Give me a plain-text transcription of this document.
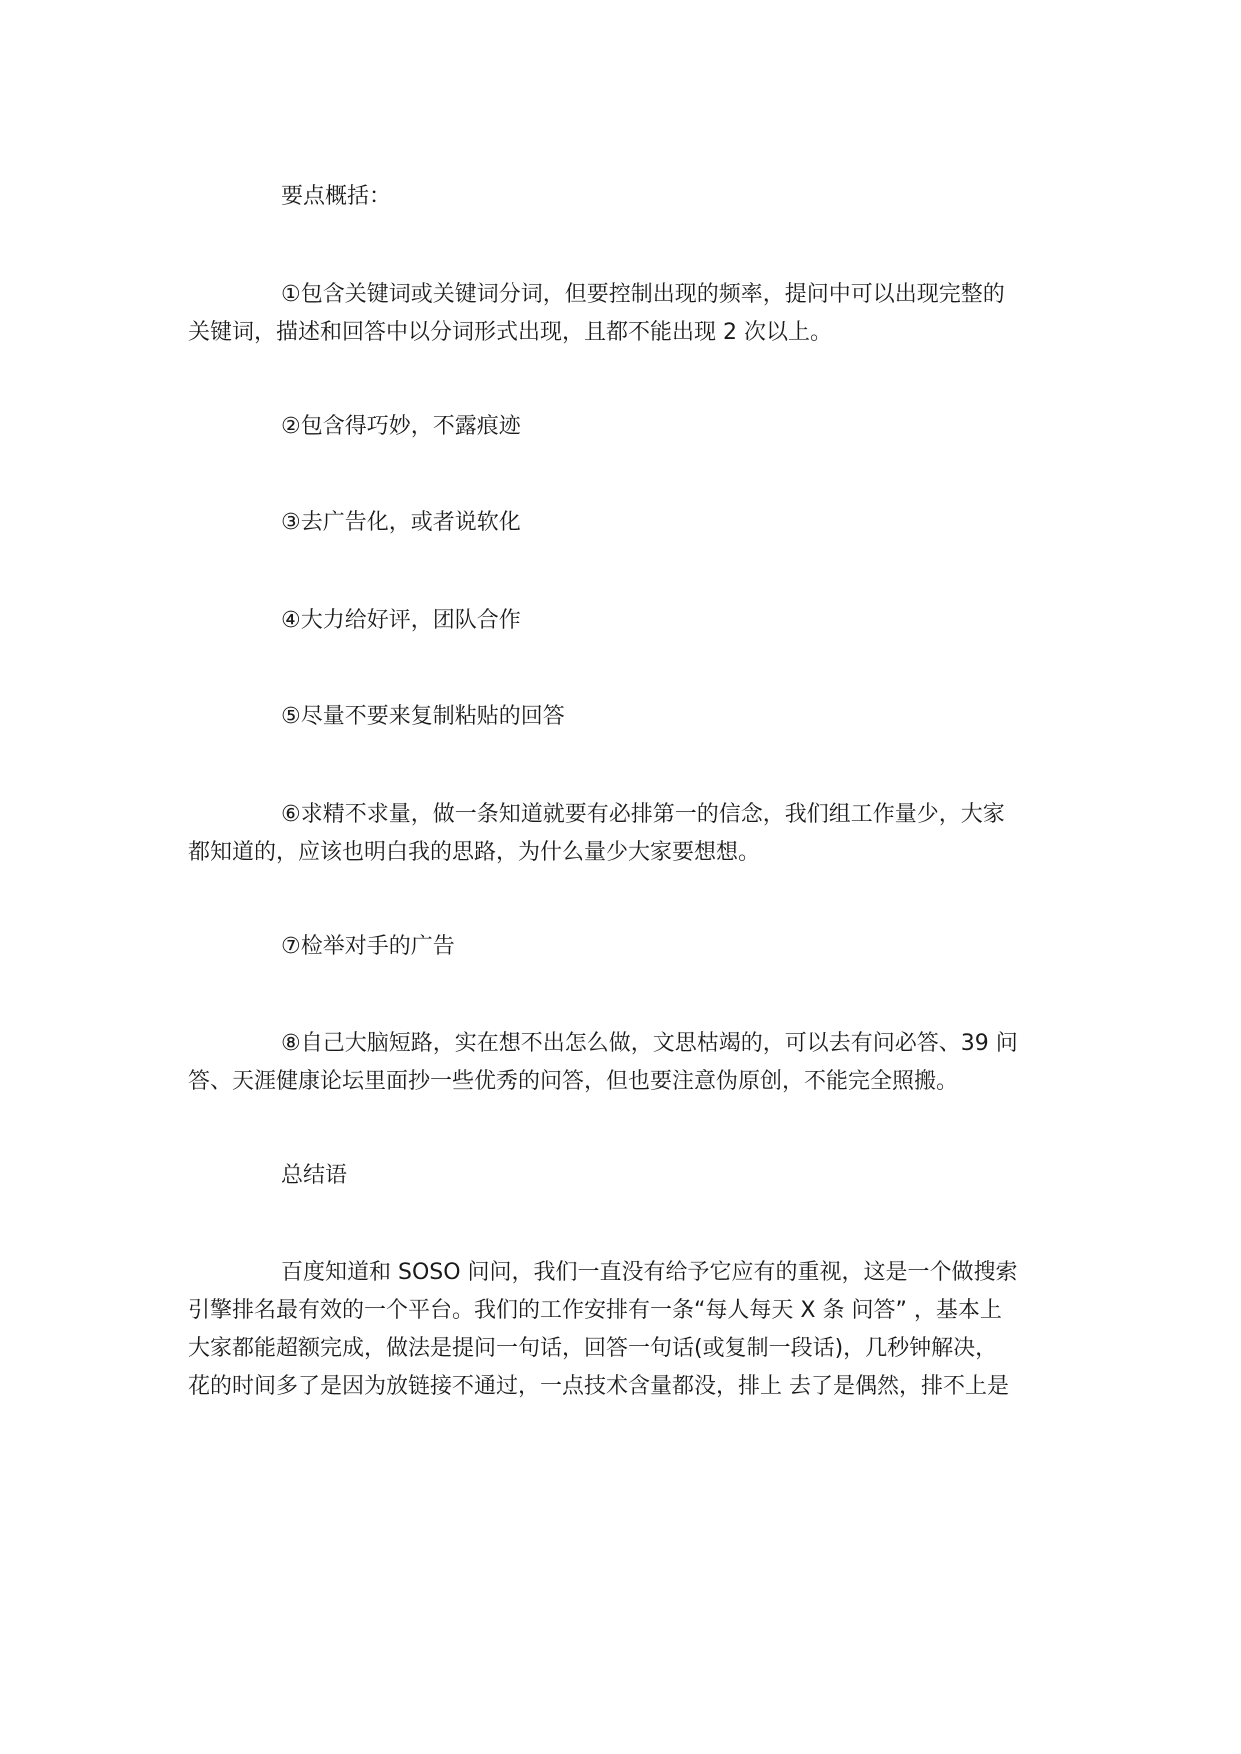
要点概括：
①包含关键词或关键词分词，但要控制出现的频率，提问中可以出现完整的
关键词，描述和回答中以分词形式出现，且都不能出现 2 次以上。
②包含得巧妙，不露痕迹
③去广告化，或者说软化
④大力给好评，团队合作
⑤尽量不要来复制粘贴的回答
⑥求精不求量，做一条知道就要有必排第一的信念，我们组工作量少，大家
都知道的，应该也明白我的思路，为什么量少大家要想想。
⑦检举对手的广告
⑧自己大脑短路，实在想不出怎么做，文思枯竭的，可以去有问必答、39 问
答、天涯健康论坛里面抄一些优秀的问答，但也要注意伪原创，不能完全照搬。
总结语
百度知道和 SOSO 问问，我们一直没有给予它应有的重视，这是一个做搜索
引擎排名最有效的一个平台。我们的工作安排有一条“每人每天 X 条 问答” ，基本上
大家都能超额完成，做法是提问一句话，回答一句话(或复制一段话)，几秒钟解决，
花的时间多了是因为放链接不通过，一点技术含量都没，排上 去了是偶然，排不上是
